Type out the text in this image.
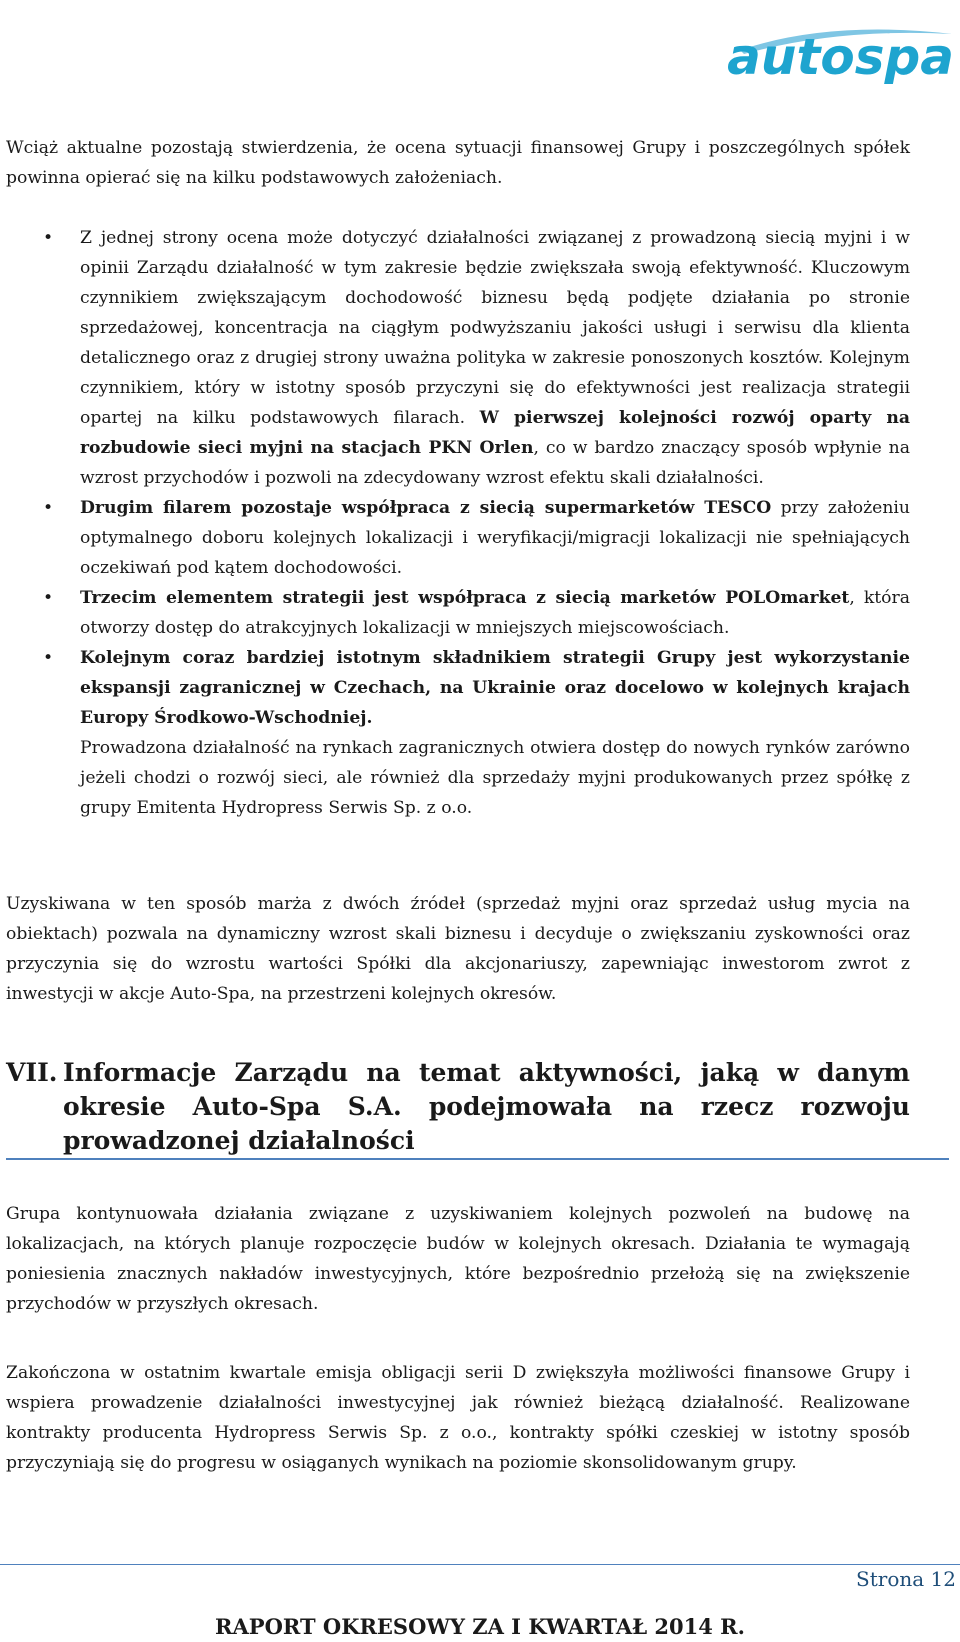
autospa
Wciąż aktualne pozostają stwierdzenia, że ocena sytuacji finansowej Grupy i poszczególnych spółek powinna opierać się na kilku podstawowych założeniach.
• Z jednej strony ocena może dotyczyć działalności związanej z prowadzoną siecią myjni i w opinii Zarządu działalność w tym zakresie będzie zwiększała swoją efektywność. Kluczowym czynnikiem zwiększającym dochodowość biznesu będą podjęte działania po stronie sprzedażowej, koncentracja na ciągłym podwyższaniu jakości usługi i serwisu dla klienta detalicznego oraz z drugiej strony uważna polityka w zakresie ponoszonych kosztów. Kolejnym czynnikiem, który w istotny sposób przyczyni się do efektywności jest realizacja strategii opartej na kilku podstawowych filarach. W pierwszej kolejności rozwój oparty na rozbudowie sieci myjni na stacjach PKN Orlen, co w bardzo znaczący sposób wpłynie na wzrost przychodów i pozwoli na zdecydowany wzrost efektu skali działalności.
• Drugim filarem pozostaje współpraca z siecią supermarketów TESCO przy założeniu optymalnego doboru kolejnych lokalizacji i weryfikacji/migracji lokalizacji nie spełniających oczekiwań pod kątem dochodowości.
• Trzecim elementem strategii jest współpraca z siecią marketów POLOmarket, która otworzy dostęp do atrakcyjnych lokalizacji w mniejszych miejscowościach.
• Kolejnym coraz bardziej istotnym składnikiem strategii Grupy jest wykorzystanie ekspansji zagranicznej w Czechach, na Ukrainie oraz docelowo w kolejnych krajach Europy Środkowo-Wschodniej.
Prowadzona działalność na rynkach zagranicznych otwiera dostęp do nowych rynków zarówno jeżeli chodzi o rozwój sieci, ale również dla sprzedaży myjni produkowanych przez spółkę z grupy Emitenta Hydropress Serwis Sp. z o.o.
Uzyskiwana w ten sposób marża z dwóch źródeł (sprzedaż myjni oraz sprzedaż usług mycia na obiektach) pozwala na dynamiczny wzrost skali biznesu i decyduje o zwiększaniu zyskowności oraz przyczynia się do wzrostu wartości Spółki dla akcjonariuszy, zapewniając inwestorom zwrot z inwestycji w akcje Auto-Spa, na przestrzeni kolejnych okresów.
VII. Informacje Zarządu na temat aktywności, jaką w danym okresie Auto-Spa S.A. podejmowała na rzecz rozwoju prowadzonej działalności
Grupa kontynuowała działania związane z uzyskiwaniem kolejnych pozwoleń na budowę na lokalizacjach, na których planuje rozpoczęcie budów w kolejnych okresach. Działania te wymagają poniesienia znacznych nakładów inwestycyjnych, które bezpośrednio przełożą się na zwiększenie przychodów w przyszłych okresach.
Zakończona w ostatnim kwartale emisja obligacji serii D zwiększyła możliwości finansowe Grupy i wspiera prowadzenie działalności inwestycyjnej jak również bieżącą działalność. Realizowane kontrakty producenta Hydropress Serwis Sp. z o.o., kontrakty spółki czeskiej w istotny sposób przyczyniają się do progresu w osiąganych wynikach na poziomie skonsolidowanym grupy.
Strona 12
RAPORT OKRESOWY ZA I KWARTAŁ 2014 R.
